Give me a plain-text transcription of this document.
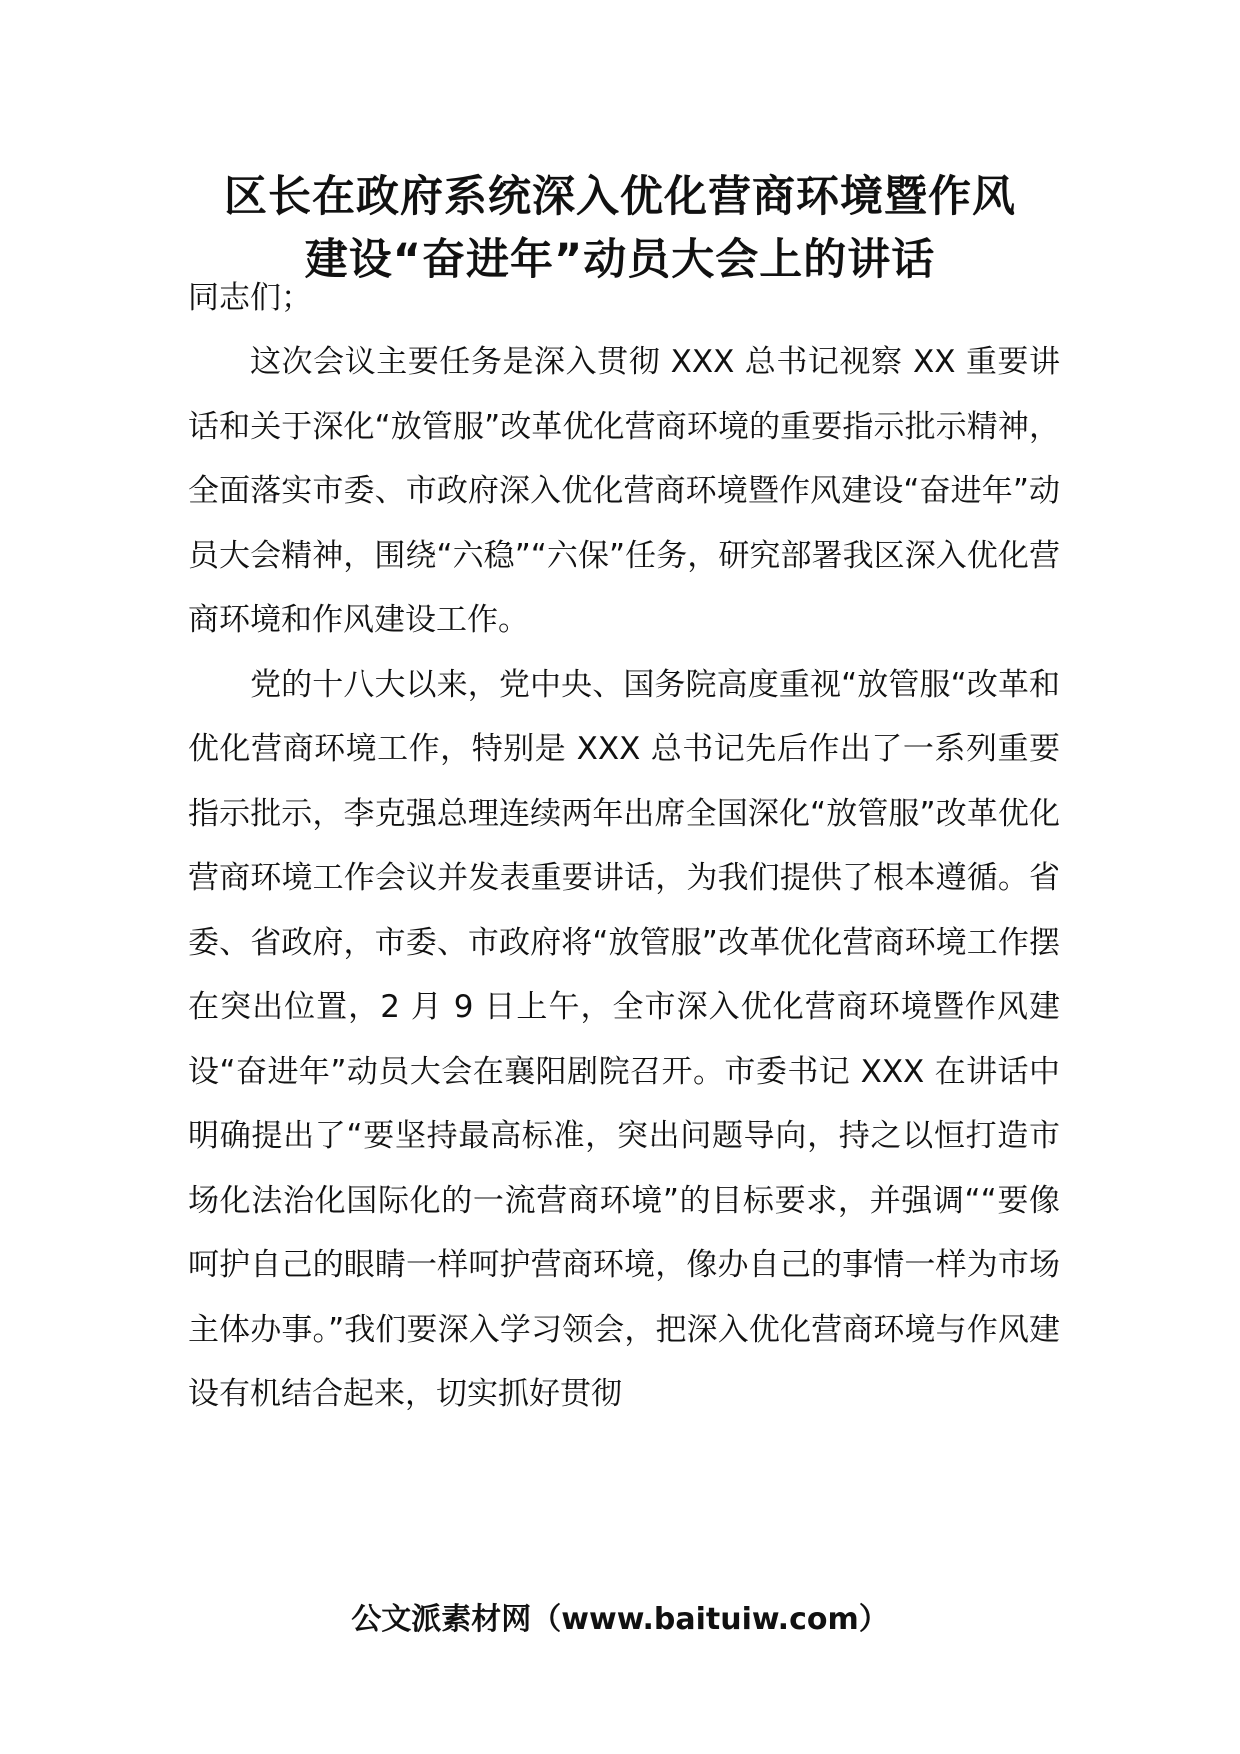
区长在政府系统深入优化营商环境暨作风
建设“奋进年”动员大会上的讲话
同志们；

这次会议主要任务是深入贯彻 XXX 总书记视察 XX 重要讲话和关于深化“放管服”改革优化营商环境的重要指示批示精神，全面落实市委、市政府深入优化营商环境暨作风建设“奋进年”动员大会精神，围绕“六稳”“六保”任务，研究部署我区深入优化营商环境和作风建设工作。

党的十八大以来，党中央、国务院高度重视“放管服“改革和优化营商环境工作，特别是 XXX 总书记先后作出了一系列重要指示批示，李克强总理连续两年出席全国深化“放管服”改革优化营商环境工作会议并发表重要讲话，为我们提供了根本遵循。省委、省政府，市委、市政府将“放管服”改革优化营商环境工作摆在突出位置，2 月 9 日上午，全市深入优化营商环境暨作风建设“奋进年”动员大会在襄阳剧院召开。市委书记 XXX 在讲话中明确提出了“要坚持最高标准，突出问题导向，持之以恒打造市场化法治化国际化的一流营商环境”的目标要求，并强调““要像呵护自己的眼睛一样呵护营商环境，像办自己的事情一样为市场主体办事。”我们要深入学习领会，把深入优化营商环境与作风建设有机结合起来，切实抓好贯彻

公文派素材网（www.baituiw.com）
